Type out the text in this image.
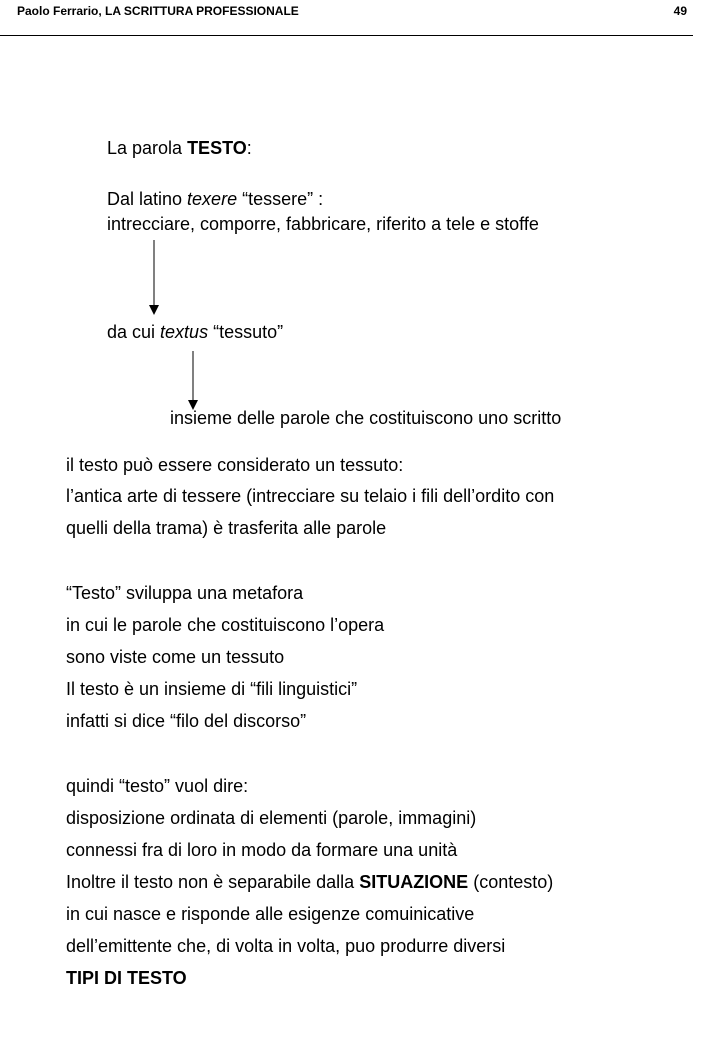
Paolo Ferrario, LA SCRITTURA PROFESSIONALE	49
La parola TESTO:
Dal latino texere “tessere” :
intrecciare, comporre, fabbricare, riferito a tele e stoffe
da cui textus “tessuto”
insieme delle parole che costituiscono uno scritto
il testo può essere considerato un tessuto:
l’antica arte di tessere (intrecciare su telaio i fili dell’ordito con
quelli della trama) è trasferita alle parole
“Testo” sviluppa una metafora
in cui le parole che costituiscono l’opera
sono viste come un tessuto
Il testo è un insieme di “fili linguistici”
infatti si dice “filo del discorso”
quindi “testo” vuol dire:
disposizione ordinata di elementi (parole, immagini)
connessi fra di loro in modo da formare una unità
Inoltre il testo non è separabile dalla SITUAZIONE (contesto)
in cui nasce e risponde alle esigenze comuinicative
dell’emittente che, di volta in volta, puo produrre diversi
TIPI DI TESTO
